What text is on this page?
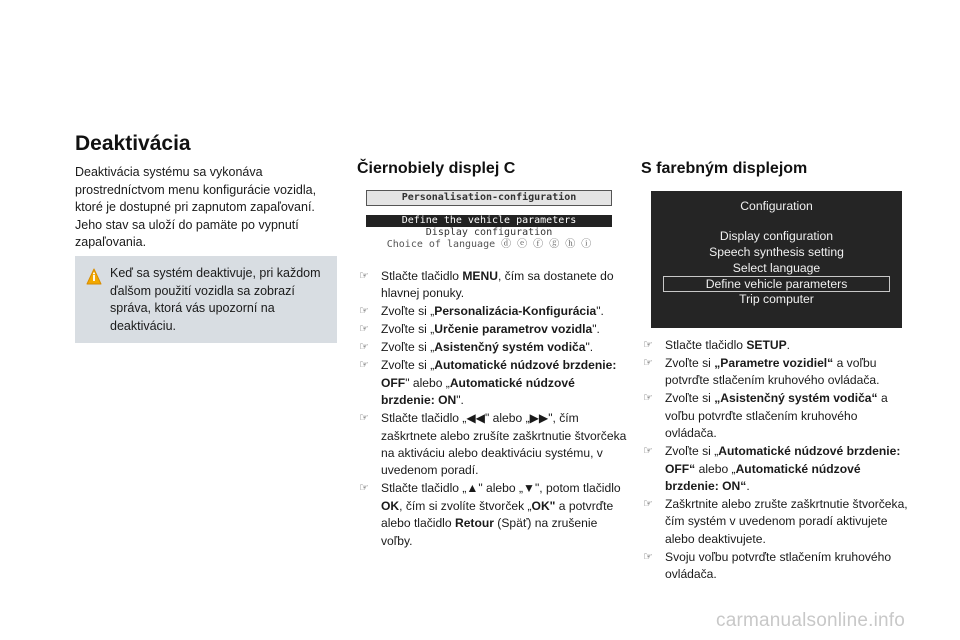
Deaktivácia

Deaktivácia systému sa vykonáva prostredníctvom menu konfigurácie vozidla, ktoré je dostupné pri zapnutom zapaľovaní. Jeho stav sa uloží do pamäte po vypnutí zapaľovania.

Keď sa systém deaktivuje, pri každom ďalšom použití vozidla sa zobrazí správa, ktorá vás upozorní na deaktiváciu.
Čiernobiely displej C
Personalisation-configuration
Define the vehicle parameters
Display configuration
Choice of language ⓓ ⓔ ⓕ ⓖ ⓗ ⓘ
☞ Stlačte tlačidlo MENU, čím sa dostanete do hlavnej ponuky.
☞ Zvoľte si „Personalizácia-Konfigurácia".
☞ Zvoľte si „Určenie parametrov vozidla".
☞ Zvoľte si „Asistenčný systém vodiča".
☞ Zvoľte si „Automatické núdzové brzdenie: OFF" alebo „Automatické núdzové brzdenie: ON".
☞ Stlačte tlačidlo „◀◀" alebo „▶▶", čím zaškrtnete alebo zrušíte zaškrtnutie štvorčeka na aktiváciu alebo deaktiváciu systému, v uvedenom poradí.
☞ Stlačte tlačidlo „▲" alebo „▼", potom tlačidlo OK, čím si zvolíte štvorček „OK" a potvrďte alebo tlačidlo Retour (Späť) na zrušenie voľby.
S farebným displejom
Configuration
Display configuration
Speech synthesis setting
Select language
Define vehicle parameters
Trip computer
☞ Stlačte tlačidlo SETUP.
☞ Zvoľte si „Parametre vozidiel“ a voľbu potvrďte stlačením kruhového ovládača.
☞ Zvoľte si „Asistenčný systém vodiča“ a voľbu potvrďte stlačením kruhového ovládača.
☞ Zvoľte si „Automatické núdzové brzdenie: OFF“ alebo „Automatické núdzové brzdenie: ON“.
☞ Zaškrtnite alebo zrušte zaškrtnutie štvorčeka, čím systém v uvedenom poradí aktivujete alebo deaktivujete.
☞ Svoju voľbu potvrďte stlačením kruhového ovládača.
carmanualsonline.info
